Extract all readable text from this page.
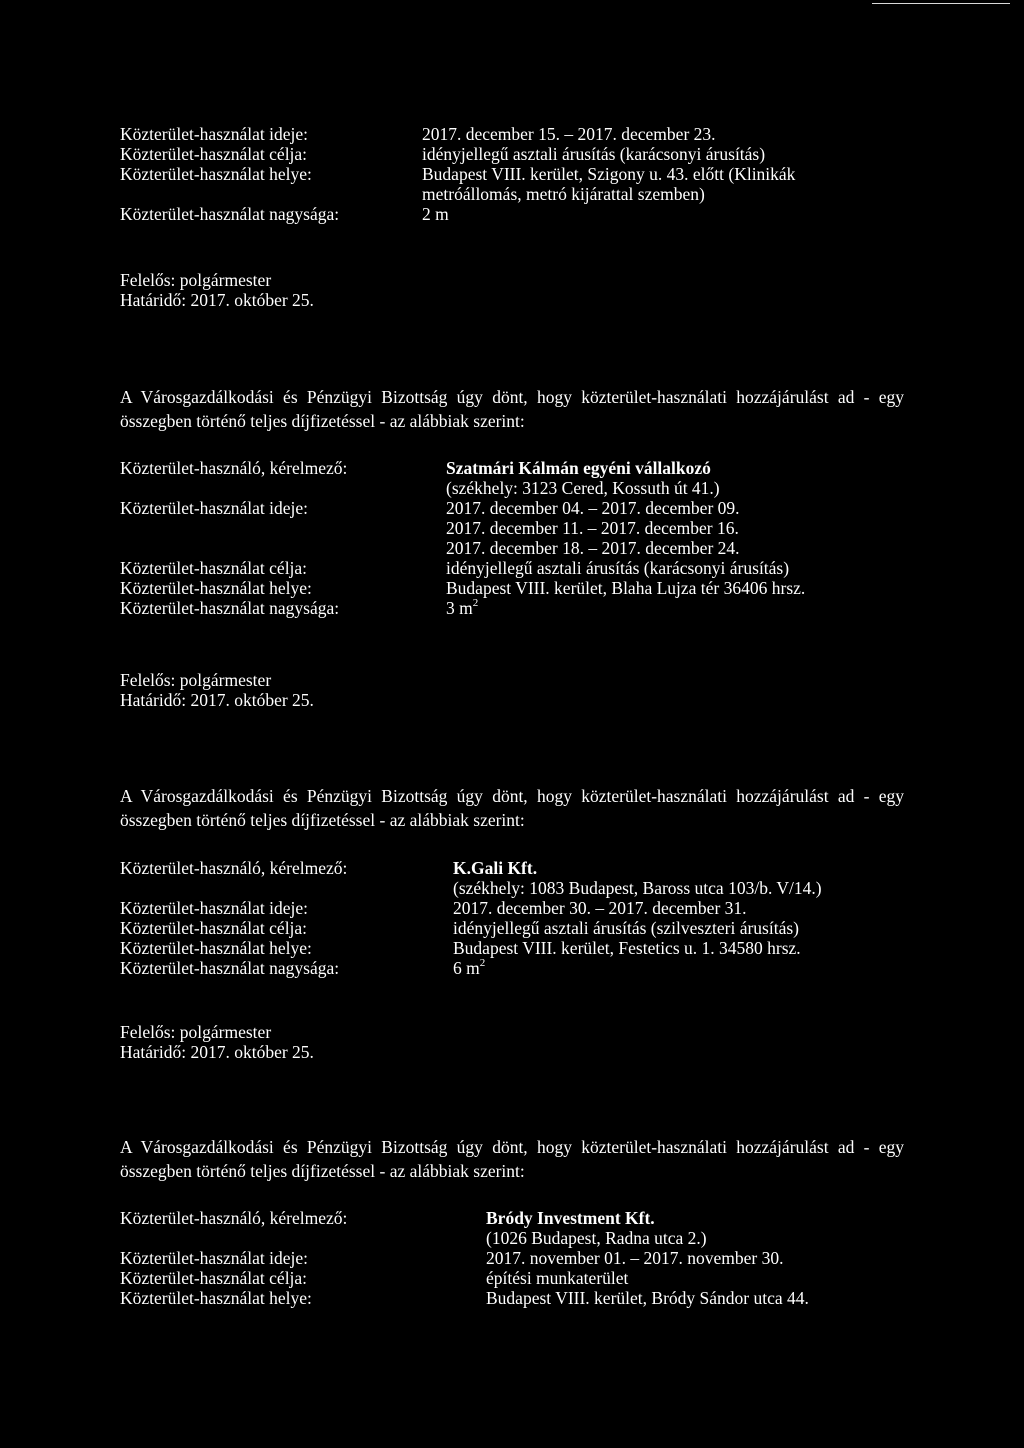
Közterület-használat ideje:	2017. december 15. – 2017. december 23.
Közterület-használat célja:	idényjellegű asztali árusítás (karácsonyi árusítás)
Közterület-használat helye:	Budapest VIII. kerület, Szigony u. 43. előtt (Klinikák
metróállomás, metró kijárattal szemben)
Közterület-használat nagysága:	2 m
Felelős: polgármester
Határidő: 2017. október 25.
A Városgazdálkodási és Pénzügyi Bizottság úgy dönt, hogy közterület-használati hozzájárulást ad - egy összegben történő teljes díjfizetéssel - az alábbiak szerint:
Közterület-használó, kérelmező:	Szatmári Kálmán egyéni vállalkozó
(székhely: 3123 Cered, Kossuth út 41.)
Közterület-használat ideje:	2017. december 04. – 2017. december 09.
2017. december 11. – 2017. december 16.
2017. december 18. – 2017. december 24.
Közterület-használat célja:	idényjellegű asztali árusítás (karácsonyi árusítás)
Közterület-használat helye:	Budapest VIII. kerület, Blaha Lujza tér 36406 hrsz.
Közterület-használat nagysága:	3 $m^2$
Felelős: polgármester
Határidő: 2017. október 25.
A Városgazdálkodási és Pénzügyi Bizottság úgy dönt, hogy közterület-használati hozzájárulást ad - egy összegben történő teljes díjfizetéssel - az alábbiak szerint:
Közterület-használó, kérelmező:	K.Gali Kft.
(székhely: 1083 Budapest, Baross utca 103/b. V/14.)
Közterület-használat ideje:	2017. december 30. – 2017. december 31.
Közterület-használat célja:	idényjellegű asztali árusítás (szilveszteri árusítás)
Közterület-használat helye:	Budapest VIII. kerület, Festetics u. 1. 34580 hrsz.
Közterület-használat nagysága:	6 $m^2$
Felelős: polgármester
Határidő: 2017. október 25.
A Városgazdálkodási és Pénzügyi Bizottság úgy dönt, hogy közterület-használati hozzájárulást ad - egy összegben történő teljes díjfizetéssel - az alábbiak szerint:
Közterület-használó, kérelmező:	Bródy Investment Kft.
(1026 Budapest, Radna utca 2.)
Közterület-használat ideje:	2017. november 01. – 2017. november 30.
Közterület-használat célja:	építési munkaterület
Közterület-használat helye:	Budapest VIII. kerület, Bródy Sándor utca 44.
